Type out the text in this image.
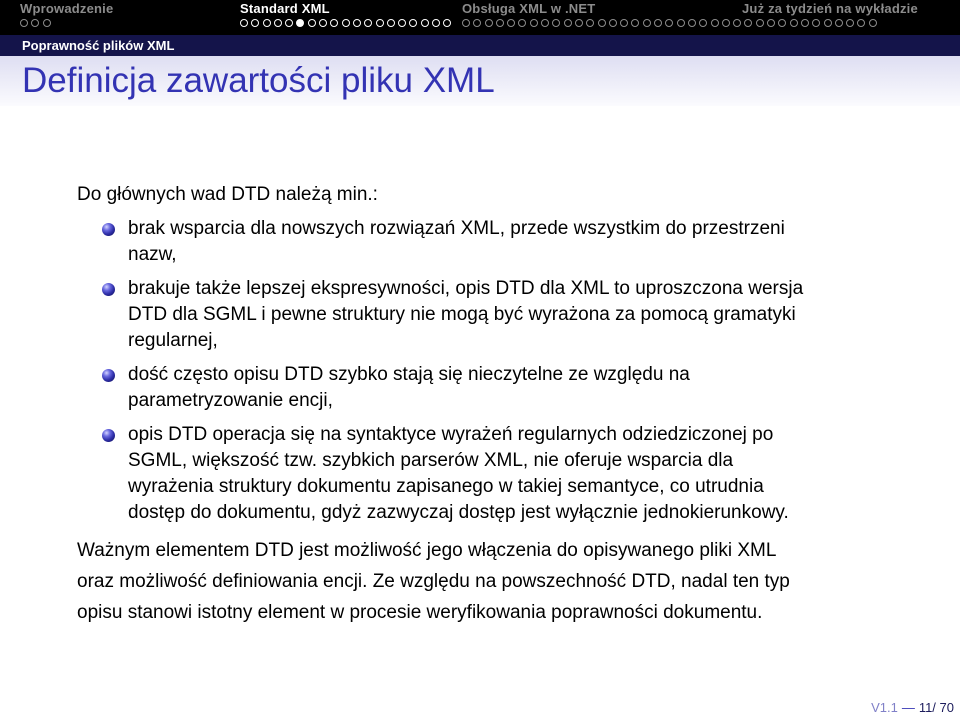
Wprowadzenie	Standard XML	Obsługa XML w .NET	Już za tydzień na wykładzie
Poprawność plików XML
Definicja zawartości pliku XML
Do głównych wad DTD należą min.:
brak wsparcia dla nowszych rozwiązań XML, przede wszystkim do przestrzeni
nazw,
brakuje także lepszej ekspresywności, opis DTD dla XML to uproszczona wersja
DTD dla SGML i pewne struktury nie mogą być wyrażona za pomocą gramatyki
regularnej,
dość często opisu DTD szybko stają się nieczytelne ze względu na
parametryzowanie encji,
opis DTD operacja się na syntaktyce wyrażeń regularnych odziedziczonej po
SGML, większość tzw. szybkich parserów XML, nie oferuje wsparcia dla
wyrażenia struktury dokumentu zapisanego w takiej semantyce, co utrudnia
dostęp do dokumentu, gdyż zazwyczaj dostęp jest wyłącznie jednokierunkowy.
Ważnym elementem DTD jest możliwość jego włączenia do opisywanego pliki XML
oraz możliwość definiowania encji. Ze względu na powszechność DTD, nadal ten typ
opisu stanowi istotny element w procesie weryfikowania poprawności dokumentu.
V1.1 — 11/ 70
